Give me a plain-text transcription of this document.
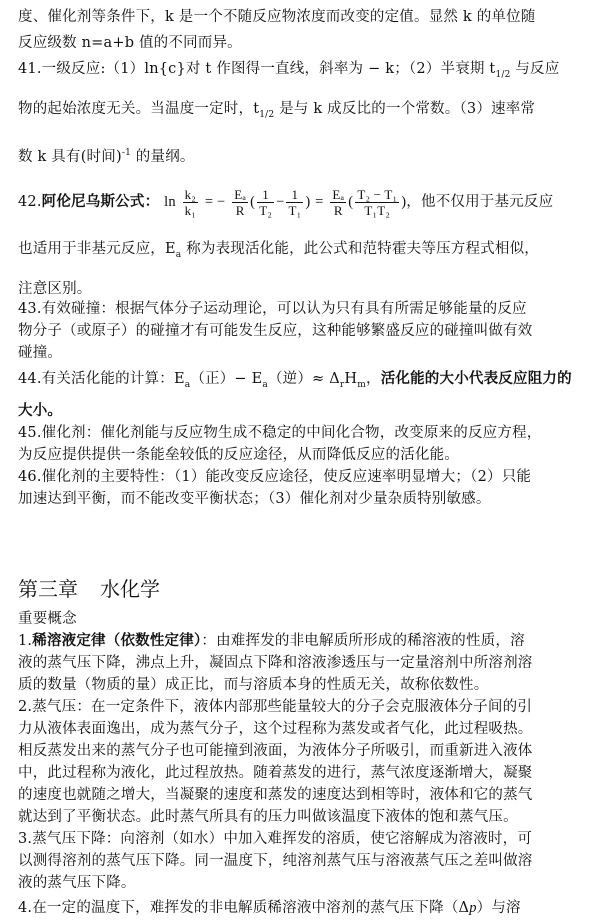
度、催化剂等条件下，k 是一个不随反应物浓度而改变的定值。显然 k 的单位随
反应级数 n=a+b 值的不同而异。
41.一级反应:（1）ln{c}对 t 作图得一直线，斜率为 − k；（2）半衰期 $t_{1/2}$ 与反应
物的起始浓度无关。当温度一定时，$t_{1/2}$ 是与 k 成反比的一个常数。（3）速率常
数 k 具有(时间)$^{-1}$ 的量纲。
42.阿伦尼乌斯公式： $\ln \frac{\text{k₂}}{\text{k₁}}$ = − $\frac{\text{Eₐ}}{R}$ ( $\frac{1}{\text{T₂}} - \frac{1}{\text{T₁}}$ ) = $\frac{\text{Eₐ}}{R}$ ( $\frac{\text{T₂ − T₁}}{\text{T₁T₂}}$ )，他不仅用于基元反应
也适用于非基元反应，$E_a$ 称为表现活化能，此公式和范特霍夫等压方程式相似，
注意区别。
43.有效碰撞：根据气体分子运动理论，可以认为只有具有所需足够能量的反应
物分子（或原子）的碰撞才有可能发生反应，这种能够繁盛反应的碰撞叫做有效
碰撞。
44.有关活化能的计算：$E_a$（正）− $E_a$（逆）≈ $\Delta_rH_m$，活化能的大小代表反应阻力的
大小。
45.催化剂：催化剂能与反应物生成不稳定的中间化合物，改变原来的反应方程，
为反应提供提供一条能垒较低的反应途径，从而降低反应的活化能。
46.催化剂的主要特性：（1）能改变反应途径，使反应速率明显增大；（2）只能
加速达到平衡，而不能改变平衡状态；（3）催化剂对少量杂质特别敏感。
第三章 水化学
重要概念
1.稀溶液定律（依数性定律）：由难挥发的非电解质所形成的稀溶液的性质，溶
液的蒸气压下降，沸点上升，凝固点下降和溶液渗透压与一定量溶剂中所溶剂溶
质的数量（物质的量）成正比，而与溶质本身的性质无关，故称依数性。
2.蒸气压：在一定条件下，液体内部那些能量较大的分子会克服液体分子间的引
力从液体表面逸出，成为蒸气分子，这个过程称为蒸发或者气化，此过程吸热。
相反蒸发出来的蒸气分子也可能撞到液面，为液体分子所吸引，而重新进入液体
中，此过程称为液化，此过程放热。随着蒸发的进行，蒸气浓度逐渐增大，凝聚
的速度也就随之增大，当凝聚的速度和蒸发的速度达到相等时，液体和它的蒸气
就达到了平衡状态。此时蒸气所具有的压力叫做该温度下液体的饱和蒸气压。
3.蒸气压下降：向溶剂（如水）中加入难挥发的溶质，使它溶解成为溶液时，可
以测得溶剂的蒸气压下降。同一温度下，纯溶剂蒸气压与溶液蒸气压之差叫做溶
液的蒸气压下降。
4.在一定的温度下，难挥发的非电解质稀溶液中溶剂的蒸气压下降（Δp）与溶
